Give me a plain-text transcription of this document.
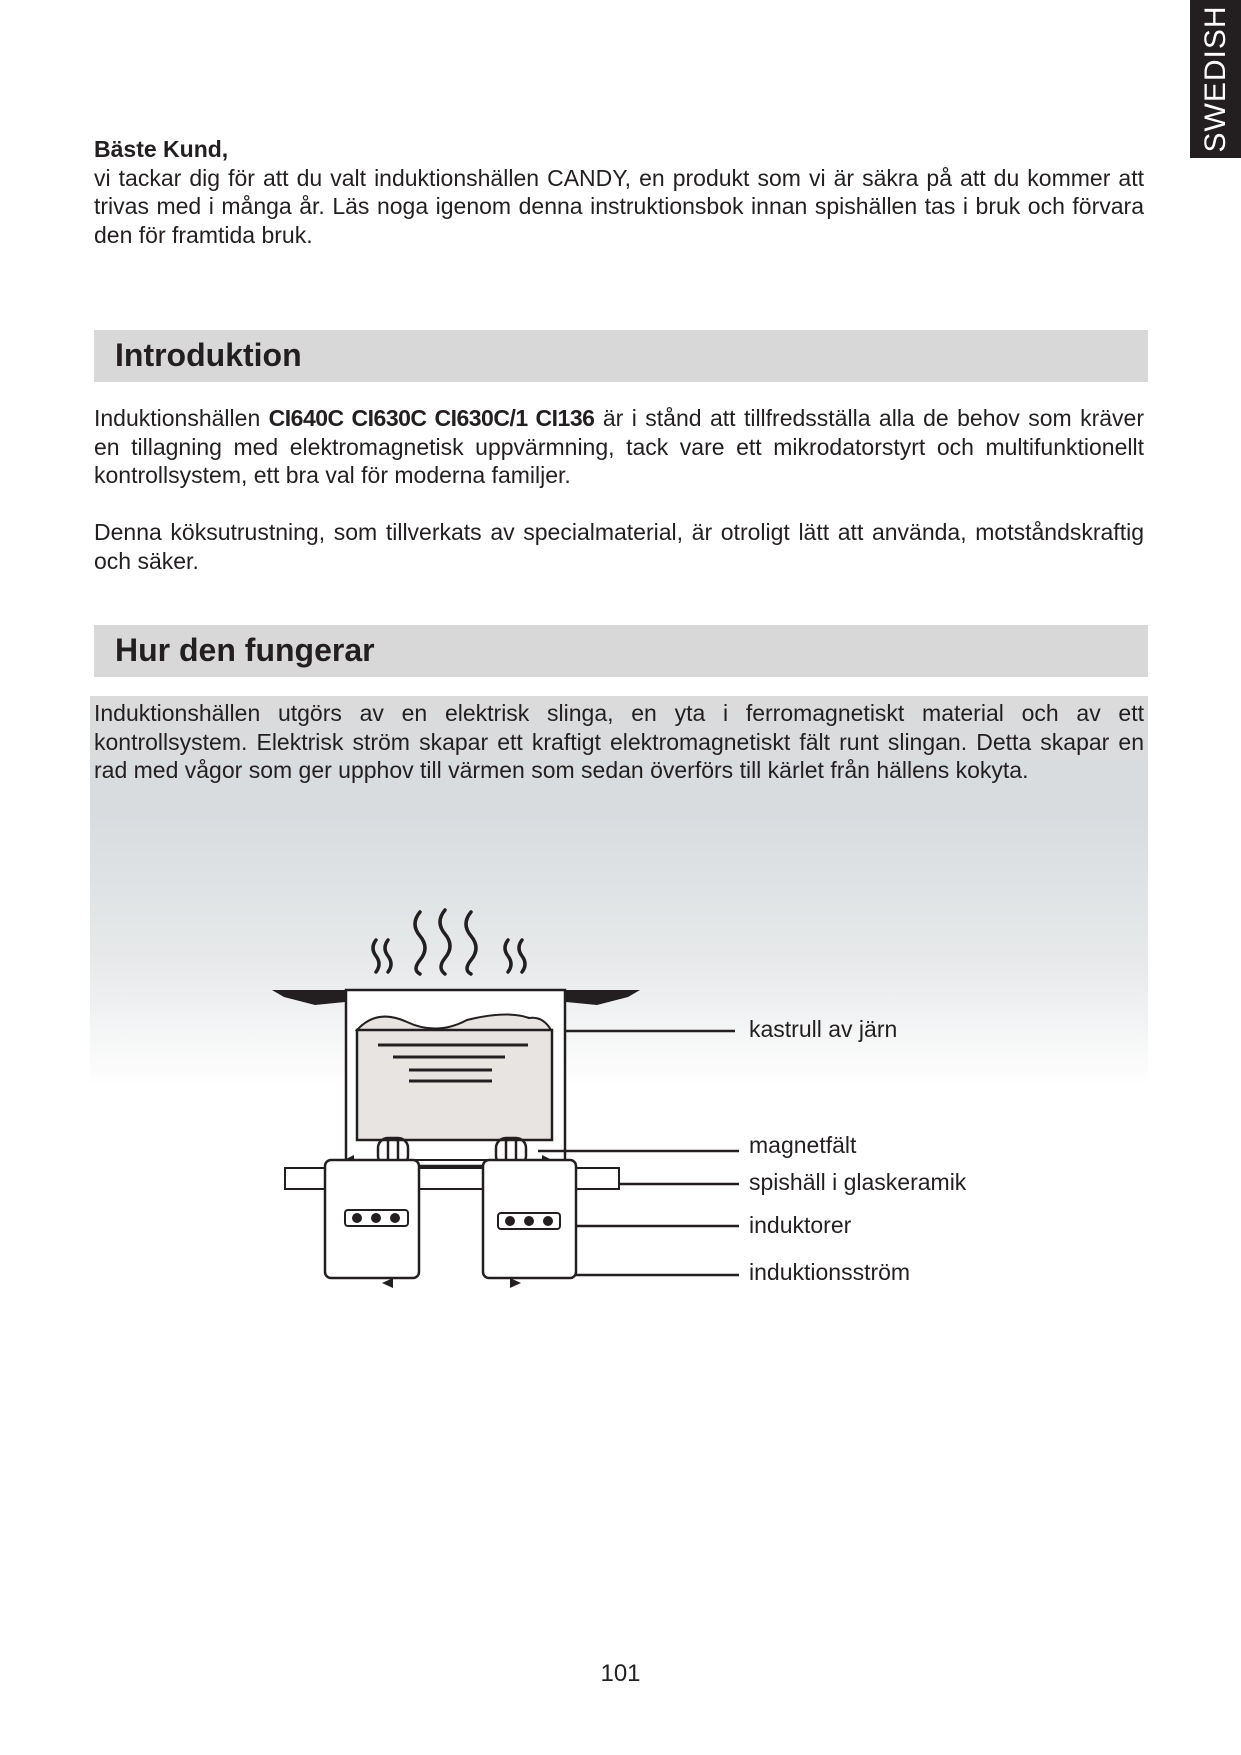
SWEDISH
Bäste Kund,
vi tackar dig för att du valt induktionshällen CANDY, en produkt som vi är säkra på att du kommer att trivas med i många år. Läs noga igenom denna instruktionsbok innan spishällen tas i bruk och förvara den för framtida bruk.
Introduktion

Induktionshällen CI640C CI630C CI630C/1 CI136 är i stånd att tillfredsställa alla de behov som kräver en tillagning med elektromagnetisk uppvärmning, tack vare ett mikrodatorstyrt och multifunktionellt kontrollsystem, ett bra val för moderna familjer.

Denna köksutrustning, som tillverkats av specialmaterial, är otroligt lätt att använda, motståndskraftig och säker.

Hur den fungerar

Induktionshällen utgörs av en elektrisk slinga, en yta i ferromagnetiskt material och av ett kontrollsystem. Elektrisk ström skapar ett kraftigt elektromagnetiskt fält runt slingan. Detta skapar en rad med vågor som ger upphov till värmen som sedan överförs till kärlet från hällens kokyta.

kastrull av järn
magnetfält
spishäll i glaskeramik
induktorer
induktionsström
101
